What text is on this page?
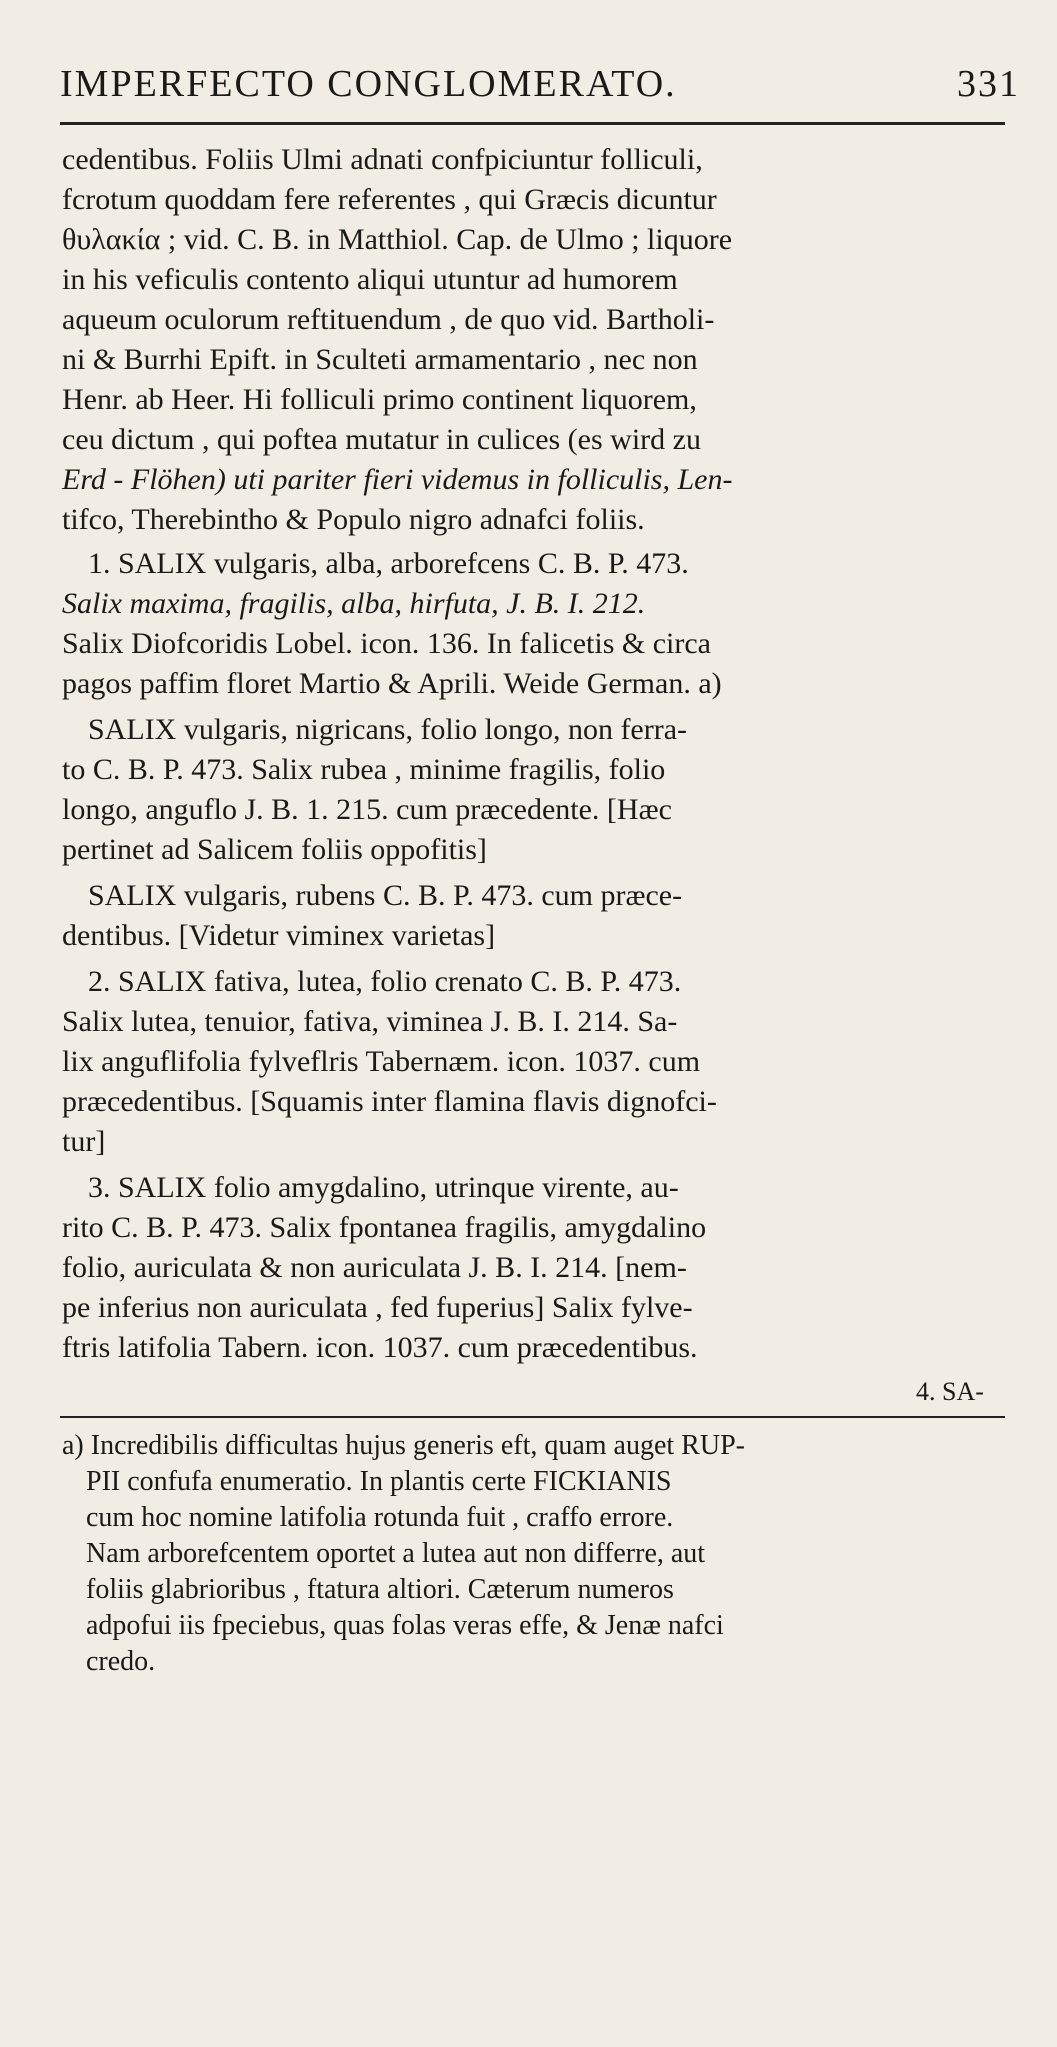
IMPERFECTO CONGLOMERATO.	331
cedentibus. Foliis Ulmi adnati confpiciuntur folliculi,
fcrotum quoddam fere referentes , qui Græcis dicuntur
θυλακία ; vid. C. B. in Matthiol. Cap. de Ulmo ; liquore
in his veficulis contento aliqui utuntur ad humorem
aqueum oculorum reftituendum , de quo vid. Bartholi-
ni & Burrhi Epift. in Sculteti armamentario , nec non
Henr. ab Heer. Hi folliculi primo continent liquorem,
ceu dictum , qui poftea mutatur in culices (es wird zu
Erd - Flöhen) uti pariter fieri videmus in folliculis, Len-
tifco, Therebintho & Populo nigro adnafci foliis.
1. SALIX vulgaris, alba, arborefcens C. B. P. 473.
Salix maxima, fragilis, alba, hirfuta, J. B. I. 212.
Salix Diofcoridis Lobel. icon. 136. In falicetis & circa
pagos paffim floret Martio & Aprili. Weide German. a)
SALIX vulgaris, nigricans, folio longo, non ferra-
to C. B. P. 473. Salix rubea , minime fragilis, folio
longo, anguflo J. B. 1. 215. cum præcedente. [Hæc
pertinet ad Salicem foliis oppofitis]
SALIX vulgaris, rubens C. B. P. 473. cum præce-
dentibus. [Videtur viminex varietas]
2. SALIX fativa, lutea, folio crenato C. B. P. 473.
Salix lutea, tenuior, fativa, viminea J. B. I. 214. Sa-
lix anguflifolia fylveflris Tabernæm. icon. 1037. cum
præcedentibus. [Squamis inter flamina flavis dignofci-
tur]
3. SALIX folio amygdalino, utrinque virente, au-
rito C. B. P. 473. Salix fpontanea fragilis, amygdalino
folio, auriculata & non auriculata J. B. I. 214. [nem-
pe inferius non auriculata , fed fuperius] Salix fylve-
ftris latifolia Tabern. icon. 1037. cum præcedentibus.
4. SA-
a) Incredibilis difficultas hujus generis eft, quam auget RUP-
PII confufa enumeratio. In plantis certe FICKIANIS
cum hoc nomine latifolia rotunda fuit , craffo errore.
Nam arborefcentem oportet a lutea aut non differre, aut
foliis glabrioribus , ftatura altiori. Cæterum numeros
adpofui iis fpeciebus, quas folas veras effe, & Jenæ nafci
credo.
